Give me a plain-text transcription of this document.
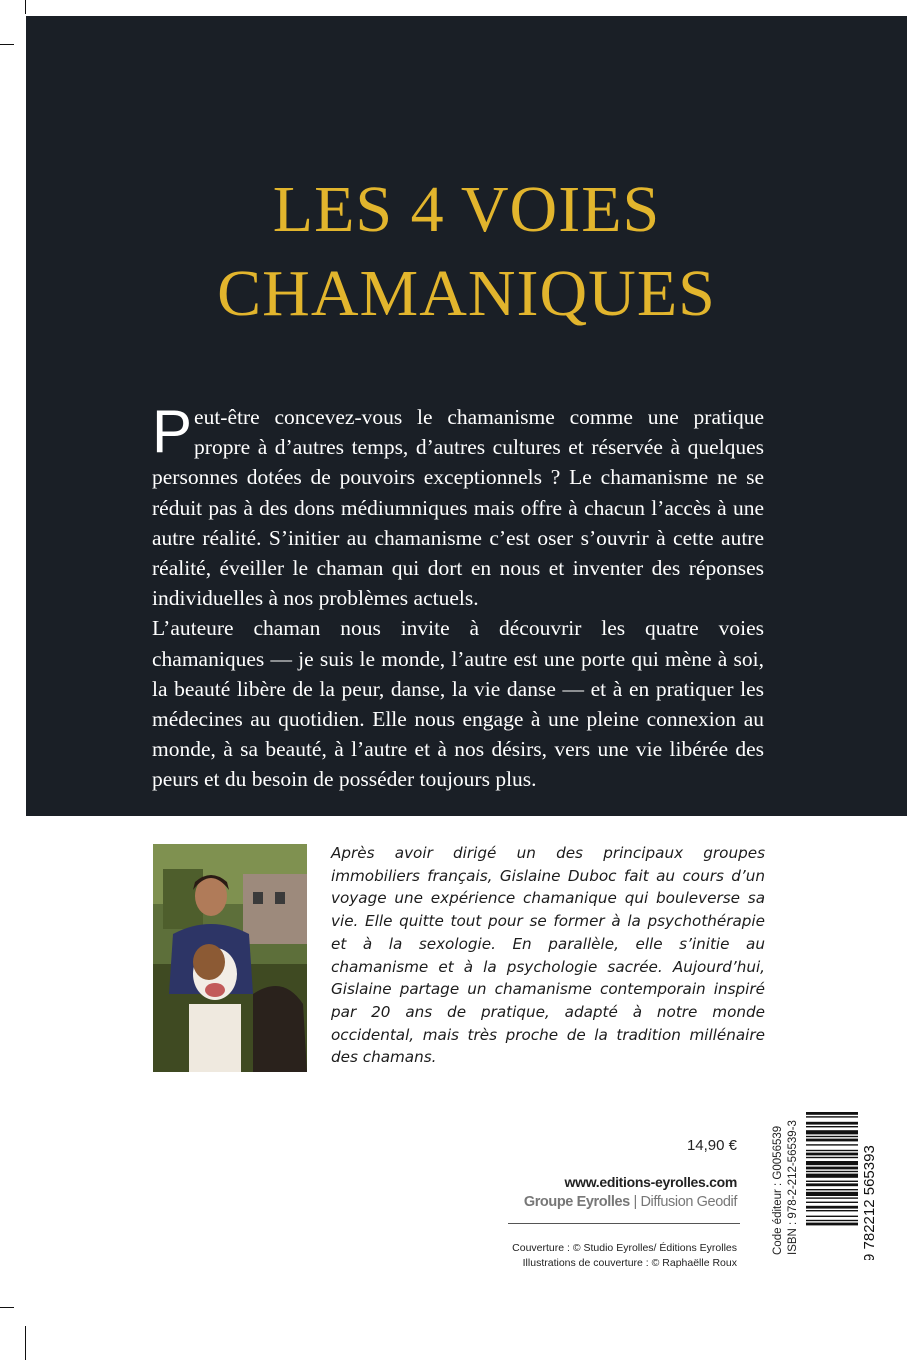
LES 4 VOIES
CHAMANIQUES

Peut-être concevez-vous le chamanisme comme une pratique propre à d’autres temps, d’autres cultures et réservée à quelques personnes dotées de pouvoirs exceptionnels ? Le chamanisme ne se réduit pas à des dons médiumniques mais offre à chacun l’accès à une autre réalité. S’initier au chamanisme c’est oser s’ouvrir à cette autre réalité, éveiller le chaman qui dort en nous et inventer des réponses individuelles à nos problèmes actuels.

L’auteure chaman nous invite à découvrir les quatre voies chamaniques — je suis le monde, l’autre est une porte qui mène à soi, la beauté libère de la peur, danse, la vie danse — et à en pratiquer les médecines au quotidien. Elle nous engage à une pleine connexion au monde, à sa beauté, à l’autre et à nos désirs, vers une vie libérée des peurs et du besoin de posséder toujours plus.

Après avoir dirigé un des principaux groupes immobiliers français, Gislaine Duboc fait au cours d’un voyage une expérience chamanique qui bouleverse sa vie. Elle quitte tout pour se former à la psychothérapie et à la sexologie. En parallèle, elle s’initie au chamanisme et à la psychologie sacrée. Aujourd’hui, Gislaine partage un chamanisme contemporain inspiré par 20 ans de pratique, adapté à notre monde occidental, mais très proche de la tradition millénaire des chamans.
14,90 €
www.editions-eyrolles.com
Groupe Eyrolles | Diffusion Geodif
Couverture : © Studio Eyrolles/ Éditions Eyrolles
Illustrations de couverture : © Raphaëlle Roux
Code éditeur : G0056539 ISBN : 978-2-212-56539-3	9 782212 565393
